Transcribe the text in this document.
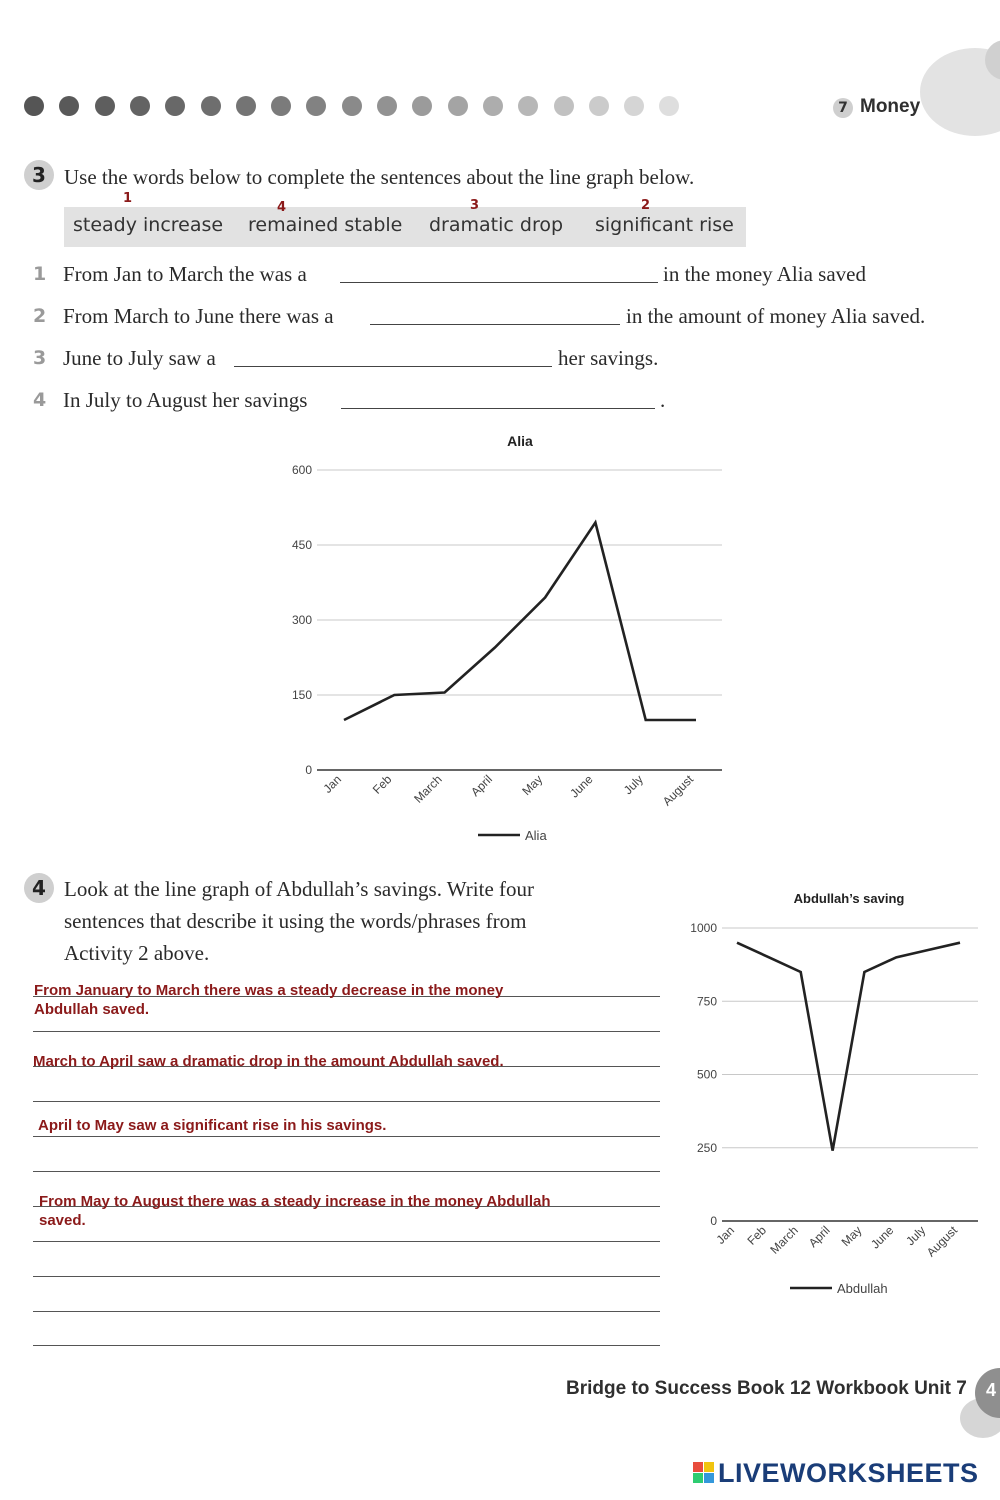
7 Money
3 Use the words below to complete the sentences about the line graph below.
steady increase remained stable dramatic drop significant rise
1
4	3	2
1 From Jan to March the was a	in the money Alia saved
2 From March to June there was a	in the amount of money Alia saved.
3 June to July saw a	her savings.
4 In July to August her savings	.
Alia
0
150
300
450
600
Jan Feb March April May June July August
Alia
4 Look at the line graph of Abdullah’s savings. Write four
sentences that describe it using the words/phrases from
Activity 2 above.
From January to March there was a steady decrease in the money
Abdullah saved.
March to April saw a dramatic drop in the amount Abdullah saved.
April to May saw a significant rise in his savings.
From May to August there was a steady increase in the money Abdullah
saved.
Abdullah’s saving
0
250
500
750
1000
Jan Feb
March April May June July
August
Abdullah
Bridge to Success Book 12 Workbook Unit 7 4
LIVEWORKSHEETS
